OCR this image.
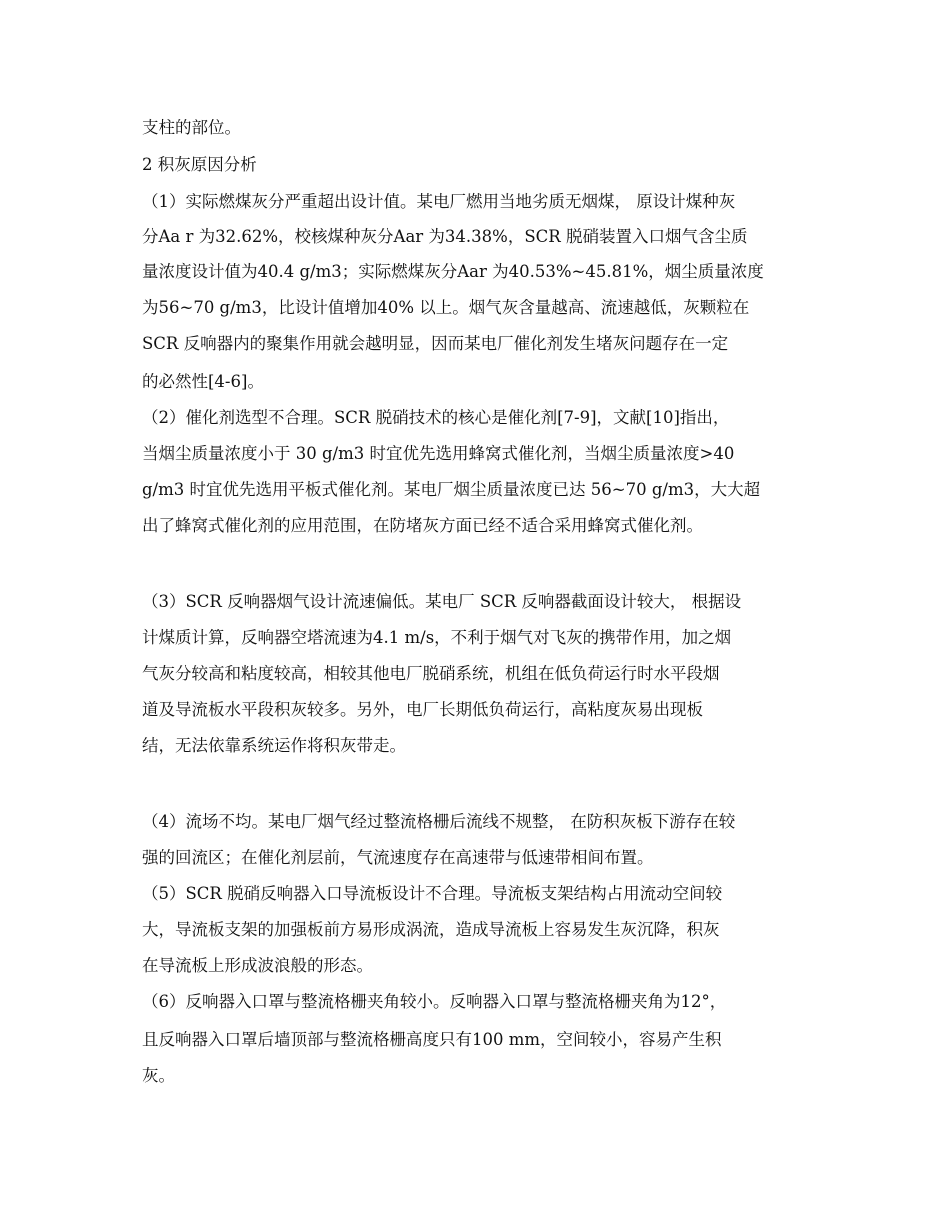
支柱的部位。
2 积灰原因分析
（1）实际燃煤灰分严重超出设计值。某电厂燃用当地劣质无烟煤， 原设计煤种灰
分Aa r 为32.62%，校核煤种灰分Aar 为34.38%，SCR 脱硝装置入口烟气含尘质
量浓度设计值为40.4 g/m3；实际燃煤灰分Aar 为40.53%~45.81%，烟尘质量浓度
为56~70 g/m3，比设计值增加40% 以上。烟气灰含量越高、流速越低，灰颗粒在
SCR 反响器内的聚集作用就会越明显，因而某电厂催化剂发生堵灰问题存在一定
的必然性[4-6]。
（2）催化剂选型不合理。SCR 脱硝技术的核心是催化剂[7-9]，文献[10]指出，
当烟尘质量浓度小于 30 g/m3 时宜优先选用蜂窝式催化剂，当烟尘质量浓度>40
g/m3 时宜优先选用平板式催化剂。某电厂烟尘质量浓度已达 56~70 g/m3，大大超
出了蜂窝式催化剂的应用范围，在防堵灰方面已经不适合采用蜂窝式催化剂。
（3）SCR 反响器烟气设计流速偏低。某电厂 SCR 反响器截面设计较大， 根据设
计煤质计算，反响器空塔流速为4.1 m/s，不利于烟气对飞灰的携带作用，加之烟
气灰分较高和粘度较高，相较其他电厂脱硝系统，机组在低负荷运行时水平段烟
道及导流板水平段积灰较多。另外，电厂长期低负荷运行，高粘度灰易出现板
结，无法依靠系统运作将积灰带走。
（4）流场不均。某电厂烟气经过整流格栅后流线不规整， 在防积灰板下游存在较
强的回流区；在催化剂层前，气流速度存在高速带与低速带相间布置。
（5）SCR 脱硝反响器入口导流板设计不合理。导流板支架结构占用流动空间较
大，导流板支架的加强板前方易形成涡流，造成导流板上容易发生灰沉降，积灰
在导流板上形成波浪般的形态。
（6）反响器入口罩与整流格栅夹角较小。反响器入口罩与整流格栅夹角为12°，
且反响器入口罩后墙顶部与整流格栅高度只有100 mm，空间较小，容易产生积
灰。
